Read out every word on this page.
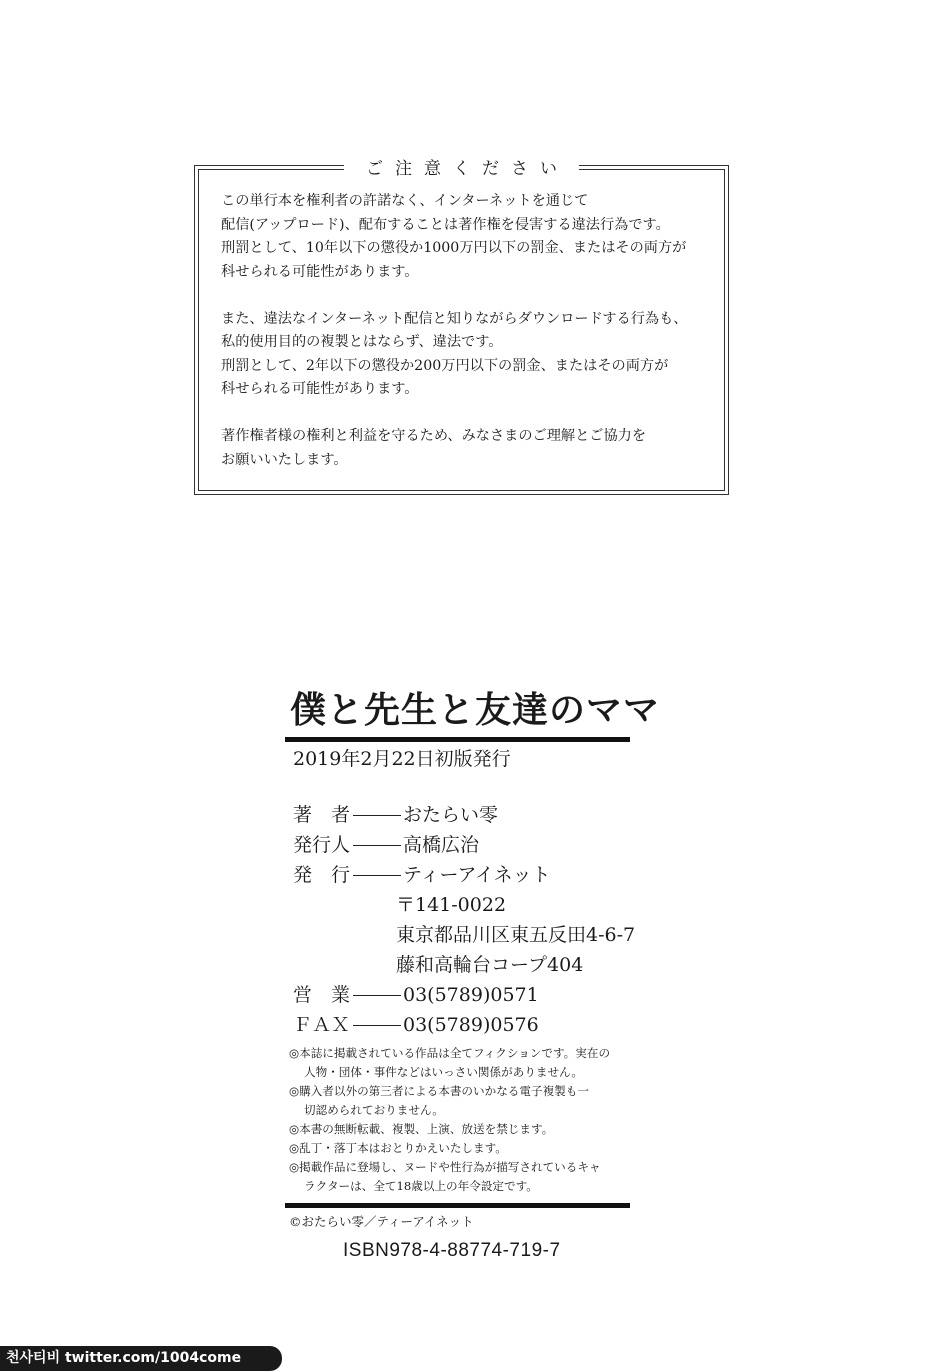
ご注意ください

この単行本を権利者の許諾なく、インターネットを通じて
配信(アップロード)、配布することは著作権を侵害する違法行為です。
刑罰として、10年以下の懲役か1000万円以下の罰金、またはその両方が
科せられる可能性があります。

また、違法なインターネット配信と知りながらダウンロードする行為も、
私的使用目的の複製とはならず、違法です。
刑罰として、2年以下の懲役か200万円以下の罰金、またはその両方が
科せられる可能性があります。

著作権者様の権利と利益を守るため、みなさまのご理解とご協力を
お願いいたします。

僕と先生と友達のママ
2019年2月22日初版発行
著　者	おたらい零
発行人	高橋広治
発　行	ティーアイネット
〒141-0022
東京都品川区東五反田4-6-7
藤和高輪台コープ404
営　業	03(5789)0571
ＦＡＸ	03(5789)0576
◎本誌に掲載されている作品は全てフィクションです。実在の
人物・団体・事件などはいっさい関係がありません。
◎購入者以外の第三者による本書のいかなる電子複製も一
切認められておりません。
◎本書の無断転載、複製、上演、放送を禁じます。
◎乱丁・落丁本はおとりかえいたします。
◎掲載作品に登場し、ヌードや性行為が描写されているキャ
ラクターは、全て18歳以上の年令設定です。
©おたらい零／ティーアイネット
ISBN978-4-88774-719-7
천사티비 twitter.com/1004come
